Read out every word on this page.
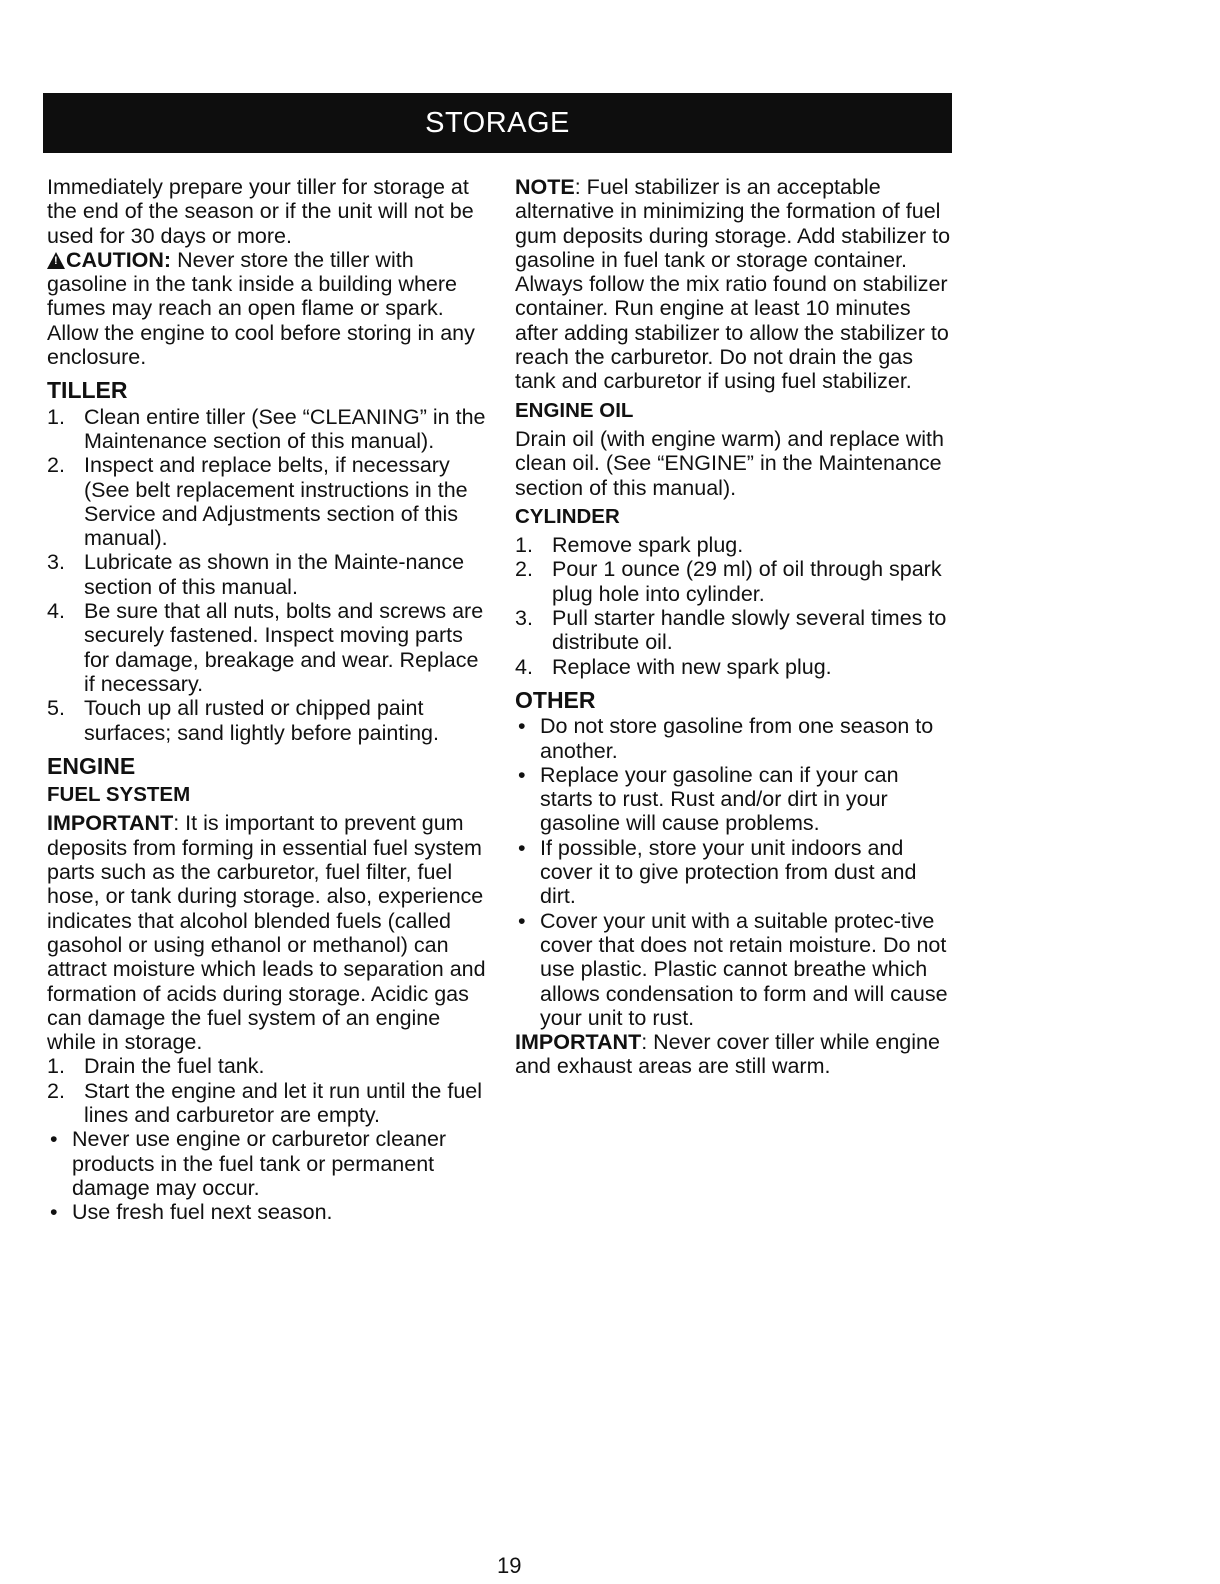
STORAGE

Immediately prepare your tiller for storage at the end of the season or if the unit will not be used for 30 days or more.

!CAUTION: Never store the tiller with gasoline in the tank inside a building where fumes may reach an open flame or spark. Allow the engine to cool before storing in any enclosure.

TILLER
1. Clean entire tiller (See “CLEANING” in the Maintenance section of this manual).
2. Inspect and replace belts, if necessary (See belt replacement instructions in the Service and Adjustments section of this manual).
3. Lubricate as shown in the Mainte-nance section of this manual.
4. Be sure that all nuts, bolts and screws are securely fastened. Inspect moving parts for damage, breakage and wear. Replace if necessary.
5. Touch up all rusted or chipped paint surfaces; sand lightly before painting.
ENGINE
FUEL SYSTEM

IMPORTANT: It is important to prevent gum deposits from forming in essential fuel system parts such as the carburetor, fuel filter, fuel hose, or tank during storage. also, experience indicates that alcohol blended fuels (called gasohol or using ethanol or methanol) can attract moisture which leads to separation and formation of acids during storage. Acidic gas can damage the fuel system of an engine while in storage.

1. Drain the fuel tank.
2. Start the engine and let it run until the fuel lines and carburetor are empty.
• Never use engine or carburetor cleaner products in the fuel tank or permanent damage may occur.
• Use fresh fuel next season.

NOTE: Fuel stabilizer is an acceptable alternative in minimizing the formation of fuel gum deposits during storage. Add stabilizer to gasoline in fuel tank or storage container. Always follow the mix ratio found on stabilizer container. Run engine at least 10 minutes after adding stabilizer to allow the stabilizer to reach the carburetor. Do not drain the gas tank and carburetor if using fuel stabilizer.

ENGINE OIL

Drain oil (with engine warm) and replace with clean oil. (See “ENGINE” in the Maintenance section of this manual).

CYLINDER
1. Remove spark plug.
2. Pour 1 ounce (29 ml) of oil through spark plug hole into cylinder.
3. Pull starter handle slowly several times to distribute oil.
4. Replace with new spark plug.
OTHER
• Do not store gasoline from one season to another.
• Replace your gasoline can if your can starts to rust. Rust and/or dirt in your gasoline will cause problems.
• If possible, store your unit indoors and cover it to give protection from dust and dirt.
• Cover your unit with a suitable protec-tive cover that does not retain moisture. Do not use plastic. Plastic cannot breathe which allows condensation to form and will cause your unit to rust.

IMPORTANT: Never cover tiller while engine and exhaust areas are still warm.

19
